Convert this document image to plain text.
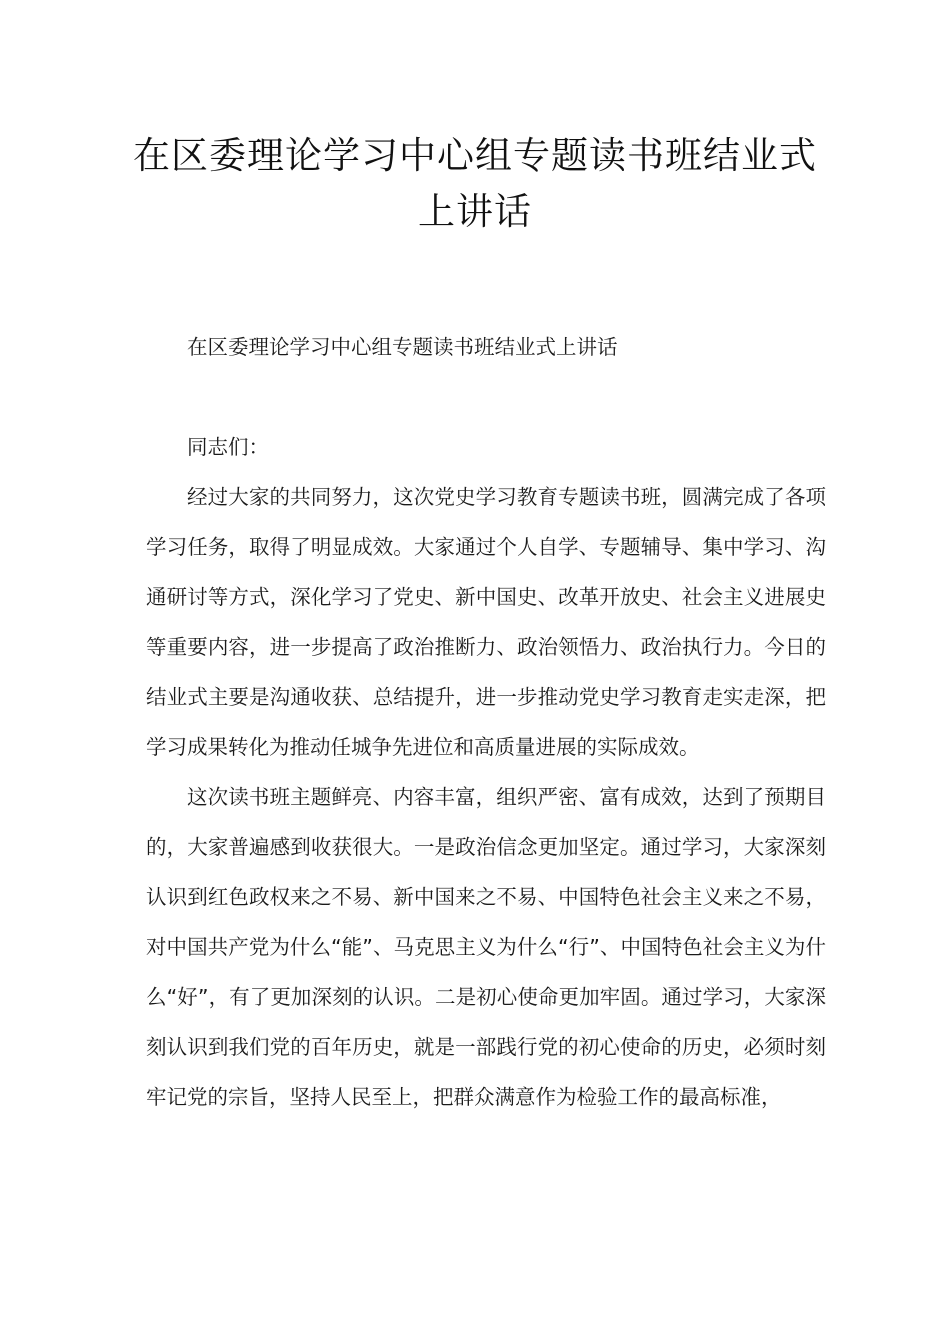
在区委理论学习中心组专题读书班结业式上讲话

在区委理论学习中心组专题读书班结业式上讲话

同志们：

经过大家的共同努力，这次党史学习教育专题读书班，圆满完成了各项学习任务，取得了明显成效。大家通过个人自学、专题辅导、集中学习、沟通研讨等方式，深化学习了党史、新中国史、改革开放史、社会主义进展史等重要内容，进一步提高了政治推断力、政治领悟力、政治执行力。今日的结业式主要是沟通收获、总结提升，进一步推动党史学习教育走实走深，把学习成果转化为推动任城争先进位和高质量进展的实际成效。

这次读书班主题鲜亮、内容丰富，组织严密、富有成效，达到了预期目的，大家普遍感到收获很大。一是政治信念更加坚定。通过学习，大家深刻认识到红色政权来之不易、新中国来之不易、中国特色社会主义来之不易，对中国共产党为什么“能”、马克思主义为什么“行”、中国特色社会主义为什么“好”，有了更加深刻的认识。二是初心使命更加牢固。通过学习，大家深刻认识到我们党的百年历史，就是一部践行党的初心使命的历史，必须时刻牢记党的宗旨，坚持人民至上，把群众满意作为检验工作的最高标准，
